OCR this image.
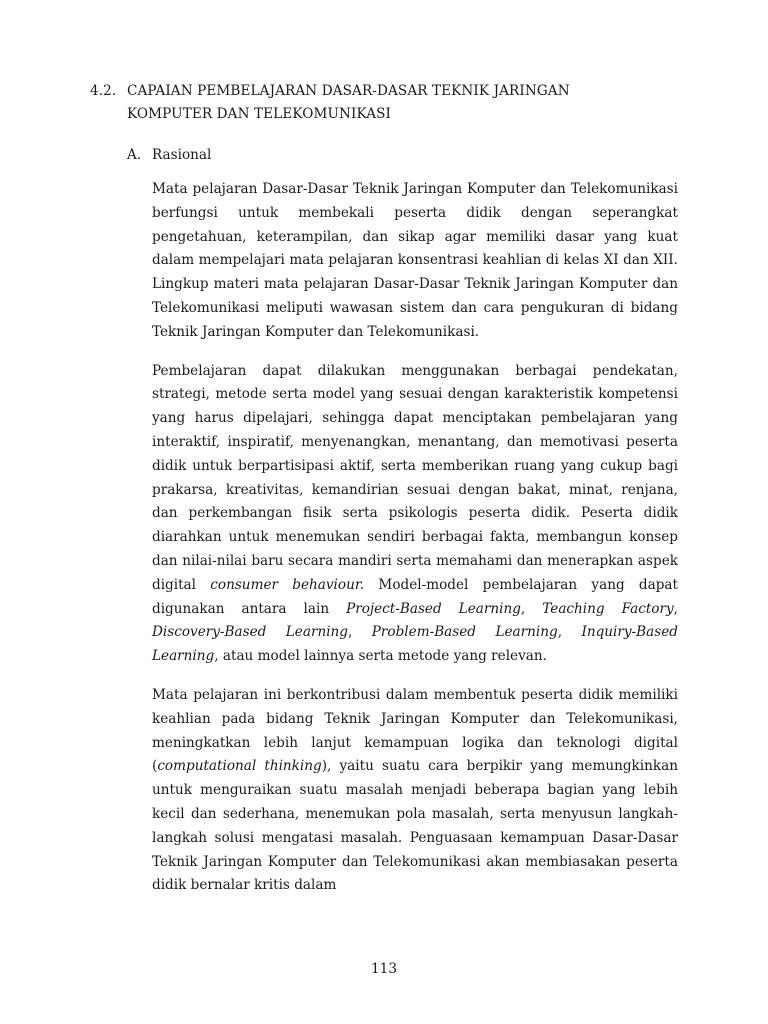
4.2. CAPAIAN PEMBELAJARAN DASAR-DASAR TEKNIK JARINGAN
KOMPUTER DAN TELEKOMUNIKASI
A. Rasional

Mata pelajaran Dasar-Dasar Teknik Jaringan Komputer dan Telekomunikasi berfungsi untuk membekali peserta didik dengan seperangkat pengetahuan, keterampilan, dan sikap agar memiliki dasar yang kuat dalam mempelajari mata pelajaran konsentrasi keahlian di kelas XI dan XII. Lingkup materi mata pelajaran Dasar-Dasar Teknik Jaringan Komputer dan Telekomunikasi meliputi wawasan sistem dan cara pengukuran di bidang Teknik Jaringan Komputer dan Telekomunikasi.

Pembelajaran dapat dilakukan menggunakan berbagai pendekatan, strategi, metode serta model yang sesuai dengan karakteristik kompetensi yang harus dipelajari, sehingga dapat menciptakan pembelajaran yang interaktif, inspiratif, menyenangkan, menantang, dan memotivasi peserta didik untuk berpartisipasi aktif, serta memberikan ruang yang cukup bagi prakarsa, kreativitas, kemandirian sesuai dengan bakat, minat, renjana, dan perkembangan fisik serta psikologis peserta didik. Peserta didik diarahkan untuk menemukan sendiri berbagai fakta, membangun konsep dan nilai-nilai baru secara mandiri serta memahami dan menerapkan aspek digital consumer behaviour. Model-model pembelajaran yang dapat digunakan antara lain Project-Based Learning, Teaching Factory, Discovery-Based Learning, Problem-Based Learning, Inquiry-Based Learning, atau model lainnya serta metode yang relevan.

Mata pelajaran ini berkontribusi dalam membentuk peserta didik memiliki keahlian pada bidang Teknik Jaringan Komputer dan Telekomunikasi, meningkatkan lebih lanjut kemampuan logika dan teknologi digital (computational thinking), yaitu suatu cara berpikir yang memungkinkan untuk menguraikan suatu masalah menjadi beberapa bagian yang lebih kecil dan sederhana, menemukan pola masalah, serta menyusun langkah- langkah solusi mengatasi masalah. Penguasaan kemampuan Dasar-Dasar Teknik Jaringan Komputer dan Telekomunikasi akan membiasakan peserta didik bernalar kritis dalam

113
